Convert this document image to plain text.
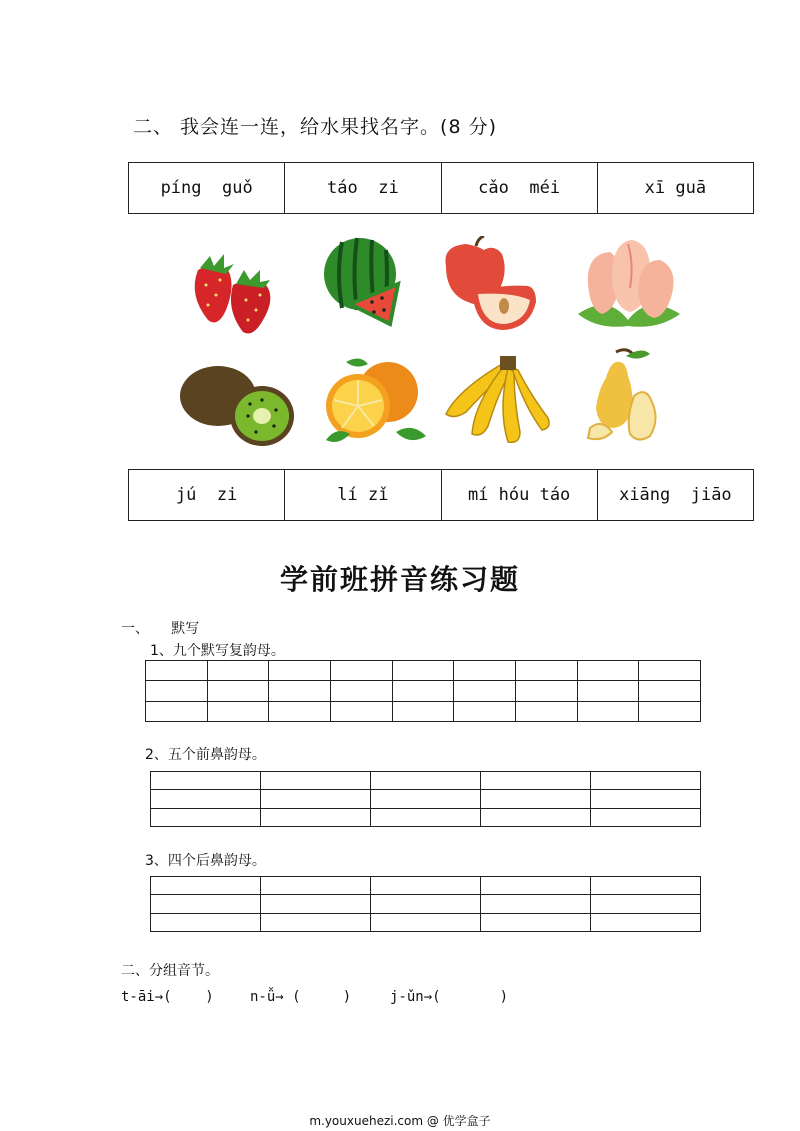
二、 我会连一连，给水果找名字。(8 分)
píng  guǒ	táo  zi	cǎo  méi	xī guā
jú  zi	lí zǐ	mí hóu táo	xiāng  jiāo
学前班拼音练习题
一、     默写
1、九个默写复韵母。

2、五个前鼻韵母。

3、四个后鼻韵母。

二、分组音节。
t-āi→(    )	n-ǚ→ (     )	j-ǔn→(       )
m.youxuehezi.com @ 优学盒子
